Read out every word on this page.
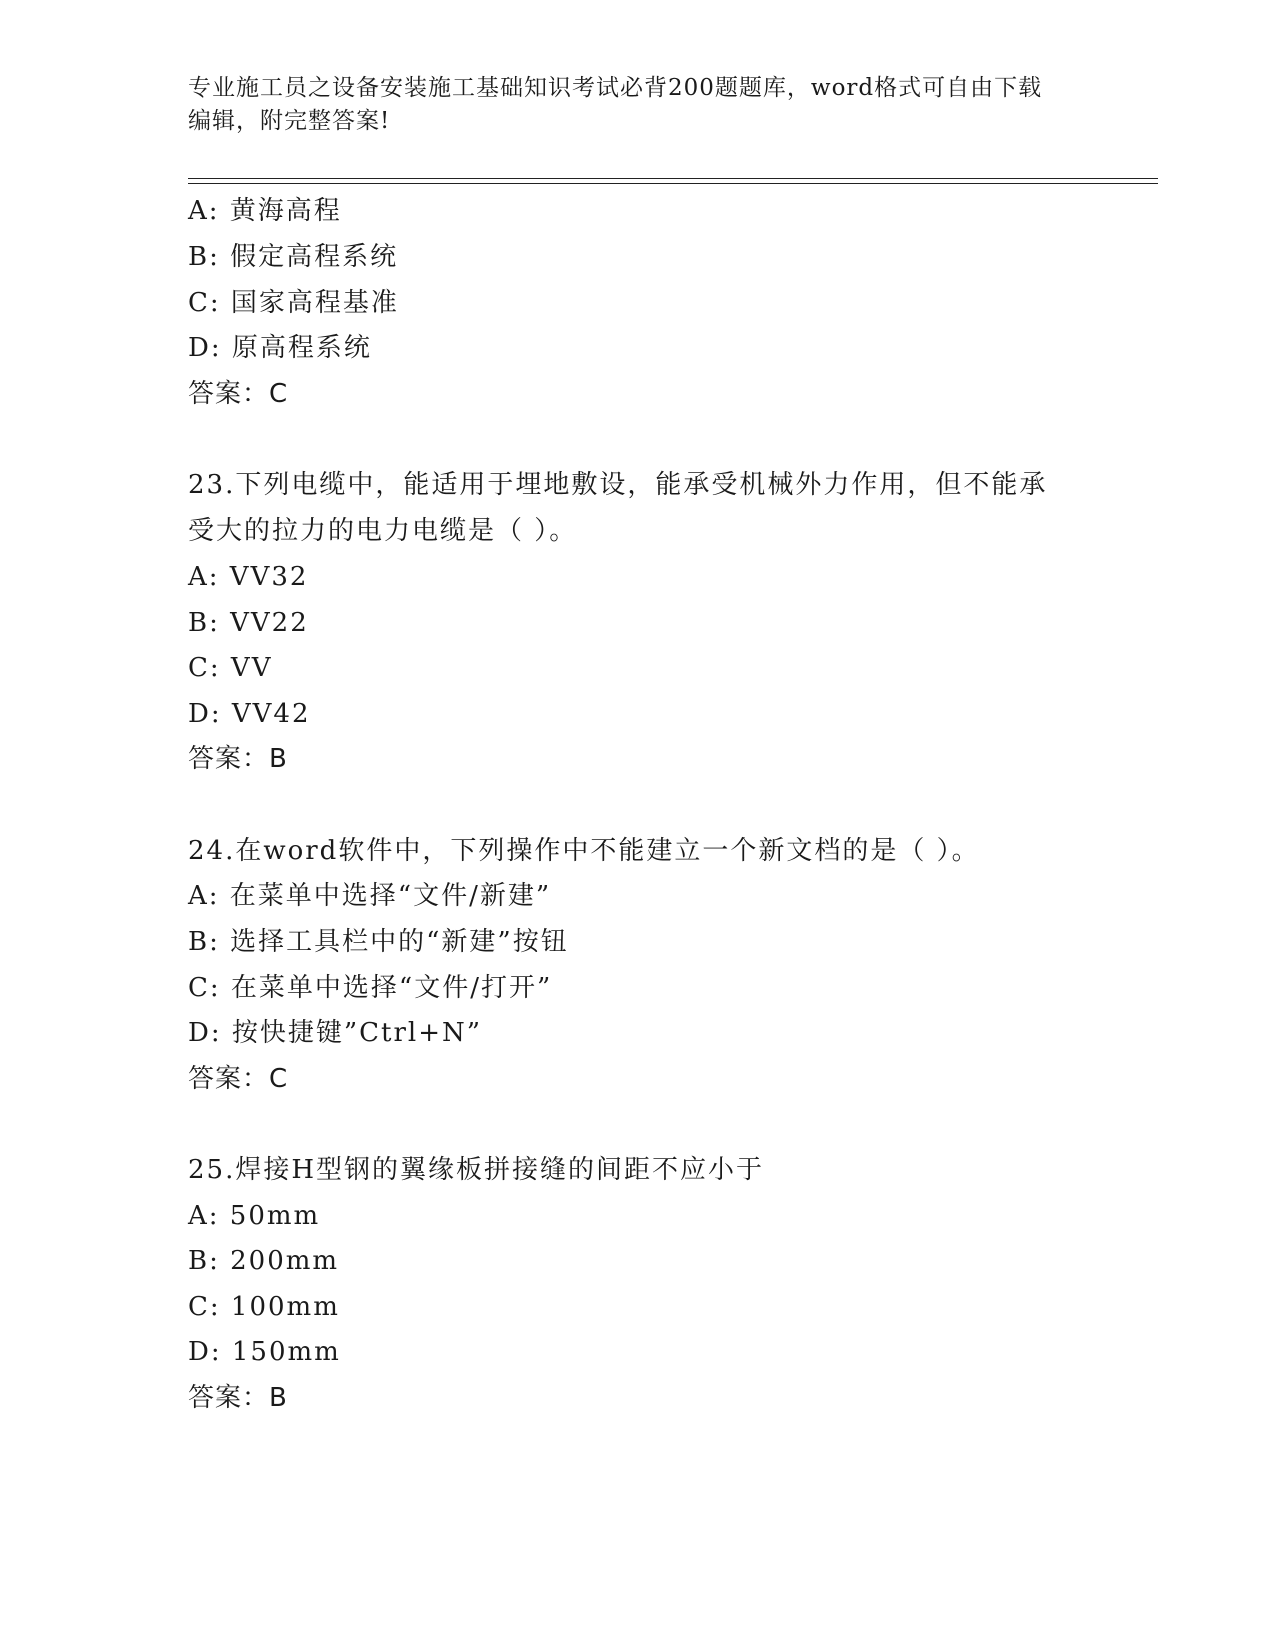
专业施工员之设备安装施工基础知识考试必背200题题库，word格式可自由下载
编辑，附完整答案!
A: 黄海高程
B: 假定高程系统
C: 国家高程基准
D: 原高程系统
答案：C
23.下列电缆中，能适用于埋地敷设，能承受机械外力作用，但不能承
受大的拉力的电力电缆是（ ）。
A: VV32
B: VV22
C: VV
D: VV42
答案：B
24.在word软件中，下列操作中不能建立一个新文档的是（ ）。
A: 在菜单中选择“文件/新建”
B: 选择工具栏中的“新建”按钮
C: 在菜单中选择“文件/打开”
D: 按快捷键”Ctrl+N”
答案：C
25.焊接H型钢的翼缘板拼接缝的间距不应小于
A: 50mm
B: 200mm
C: 100mm
D: 150mm
答案：B
